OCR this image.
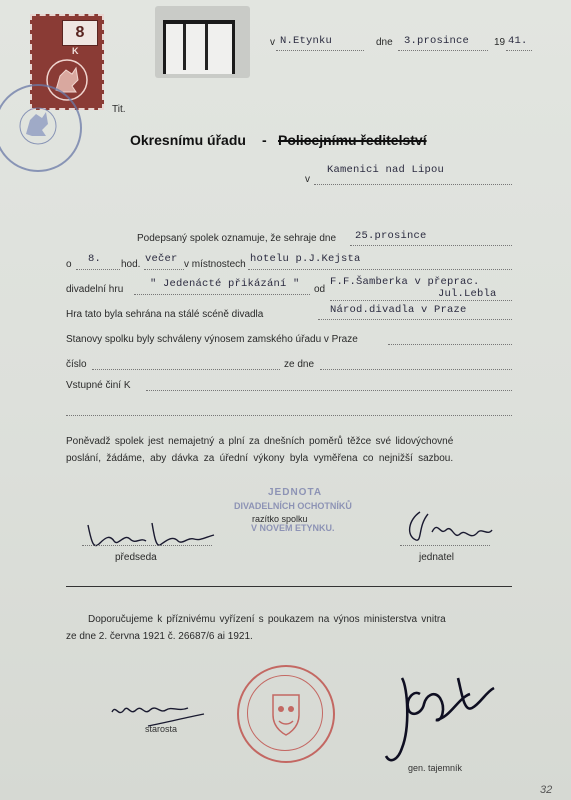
8
K
v N.Etynku	dne 3.prosince 19 41.
Tit.
Okresnímu úřadu - Policejnímu ředitelství
v
Kamenici nad Lipou
Podepsaný spolek oznamuje, že sehraje dne 25.prosince
o 8. hod. večer v místnostech hotelu p.J.Kejsta
divadelní hru	" Jedenácté přikázání " od
F.F.Šamberka v přeprac.
Jul.Lebla
Hra tato byla sehrána na stálé scéně divadla	Národ.divadla v Praze
Stanovy spolku byly schváleny výnosem zamského úřadu v Praze
číslo	ze dne
Vstupné činí K
Poněvadž spolek jest nemajetný a plní za dnešních poměrů těžce své lidovýchovné
poslání, žádáme, aby dávka za úřední výkony byla vyměřena co nejnižší sazbou.
JEDNOTA
DIVADELNÍCH OCHOTNÍKŮ
V NOVEM ETYNKU.
razítko spolku
předseda	jednatel
Doporučujeme k příznivému vyřízení s poukazem na výnos ministerstva vnitra
ze dne 2. června 1921 č. 26687/6 ai 1921.
starosta
gen. tajemník
32
